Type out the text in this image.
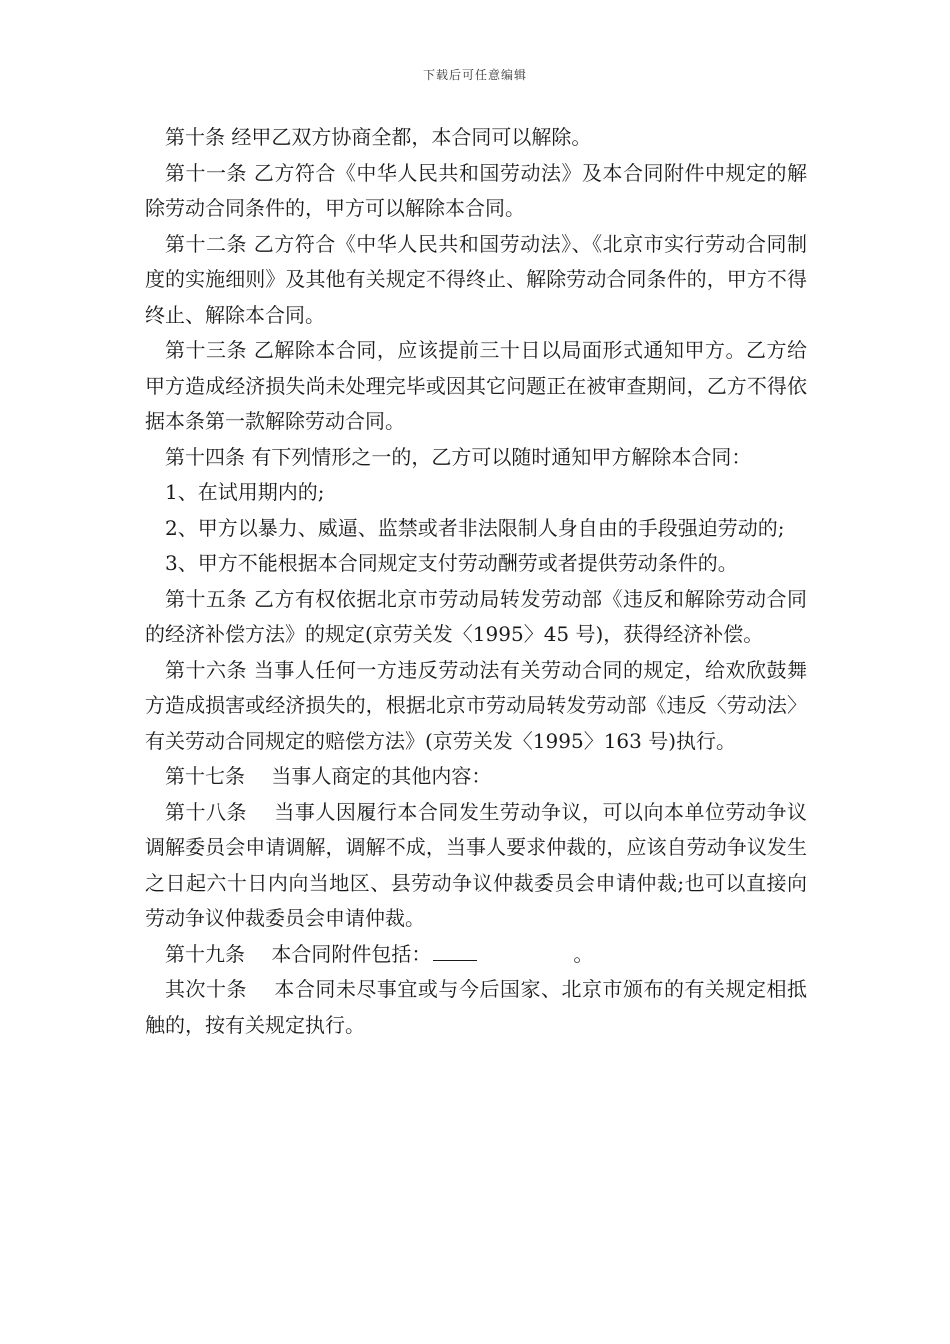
下载后可任意编辑

第十条 经甲乙双方协商全都，本合同可以解除。

第十一条 乙方符合《中华人民共和国劳动法》及本合同附件中规定的解除劳动合同条件的，甲方可以解除本合同。

第十二条 乙方符合《中华人民共和国劳动法》、《北京市实行劳动合同制度的实施细则》及其他有关规定不得终止、解除劳动合同条件的，甲方不得终止、解除本合同。

第十三条 乙解除本合同，应该提前三十日以局面形式通知甲方。乙方给甲方造成经济损失尚未处理完毕或因其它问题正在被审查期间，乙方不得依据本条第一款解除劳动合同。

第十四条 有下列情形之一的，乙方可以随时通知甲方解除本合同：

1、在试用期内的;

2、甲方以暴力、威逼、监禁或者非法限制人身自由的手段强迫劳动的;

3、甲方不能根据本合同规定支付劳动酬劳或者提供劳动条件的。

第十五条 乙方有权依据北京市劳动局转发劳动部《违反和解除劳动合同的经济补偿方法》的规定(京劳关发〈1995〉45 号)，获得经济补偿。

第十六条 当事人任何一方违反劳动法有关劳动合同的规定，给欢欣鼓舞方造成损害或经济损失的，根据北京市劳动局转发劳动部《违反〈劳动法〉有关劳动合同规定的赔偿方法》(京劳关发〈1995〉163 号)执行。

第十七条　 当事人商定的其他内容：

第十八条　 当事人因履行本合同发生劳动争议，可以向本单位劳动争议调解委员会申请调解，调解不成，当事人要求仲裁的，应该自劳动争议发生之日起六十日内向当地区、县劳动争议仲裁委员会申请仲裁;也可以直接向劳动争议仲裁委员会申请仲裁。

第十九条　 本合同附件包括：	。

其次十条　 本合同未尽事宜或与今后国家、北京市颁布的有关规定相抵触的，按有关规定执行。
